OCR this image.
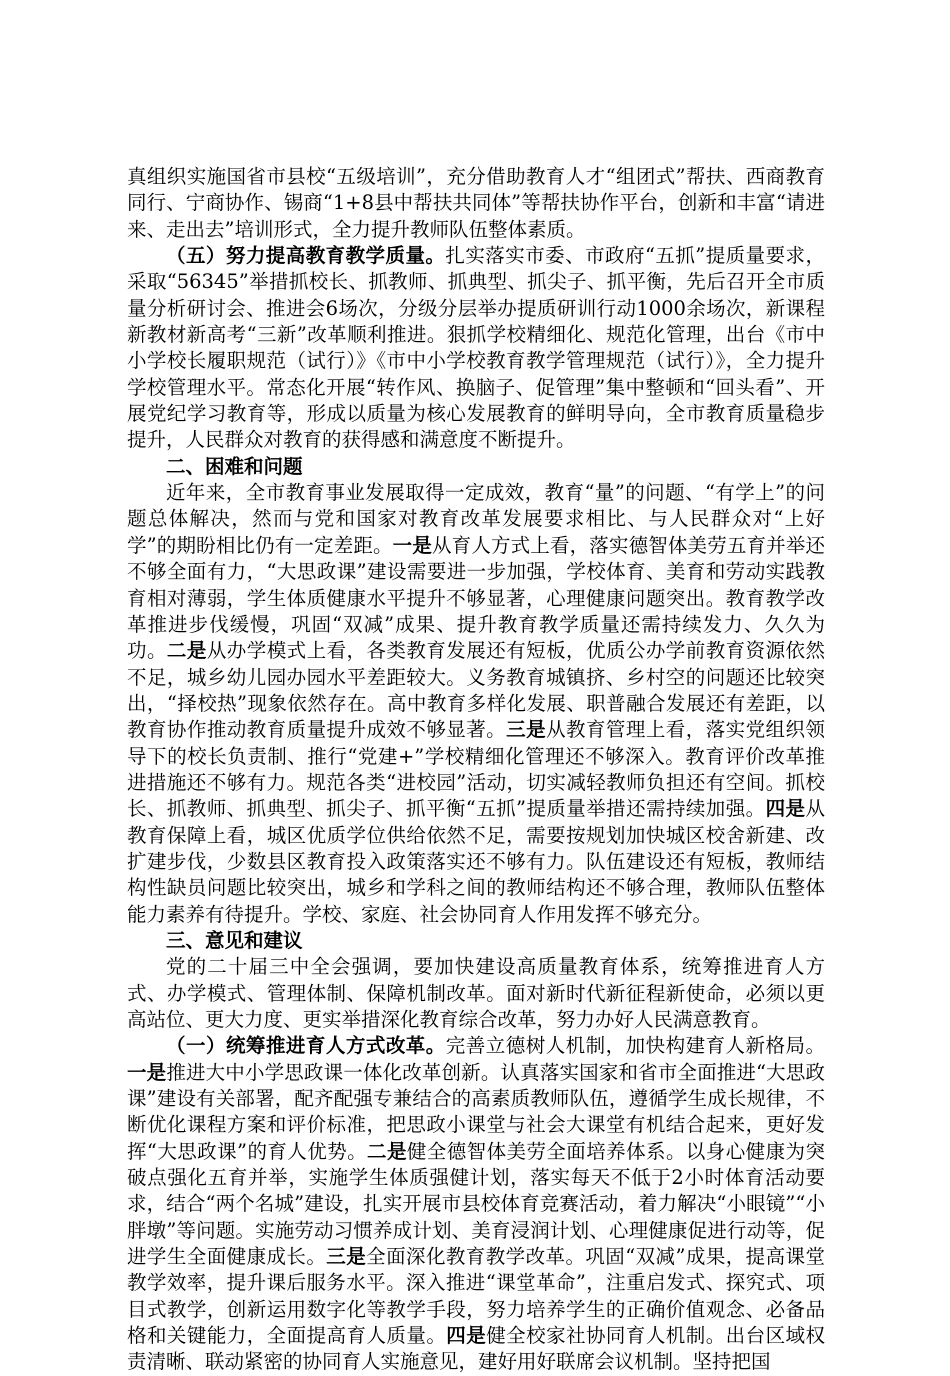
真组织实施国省市县校“五级培训”，充分借助教育人才“组团式”帮扶、西商教育同行、宁商协作、锡商“1+8县中帮扶共同体”等帮扶协作平台，创新和丰富“请进来、走出去”培训形式，全力提升教师队伍整体素质。

（五）努力提高教育教学质量。扎实落实市委、市政府“五抓”提质量要求，采取“56345”举措抓校长、抓教师、抓典型、抓尖子、抓平衡，先后召开全市质量分析研讨会、推进会6场次，分级分层举办提质研训行动1000余场次，新课程新教材新高考“三新”改革顺利推进。狠抓学校精细化、规范化管理，出台《市中小学校长履职规范（试行）》《市中小学校教育教学管理规范（试行）》，全力提升学校管理水平。常态化开展“转作风、换脑子、促管理”集中整顿和“回头看”、开展党纪学习教育等，形成以质量为核心发展教育的鲜明导向，全市教育质量稳步提升，人民群众对教育的获得感和满意度不断提升。

二、困难和问题

近年来，全市教育事业发展取得一定成效，教育“量”的问题、“有学上”的问题总体解决，然而与党和国家对教育改革发展要求相比、与人民群众对“上好学”的期盼相比仍有一定差距。一是从育人方式上看，落实德智体美劳五育并举还不够全面有力，“大思政课”建设需要进一步加强，学校体育、美育和劳动实践教育相对薄弱，学生体质健康水平提升不够显著，心理健康问题突出。教育教学改革推进步伐缓慢，巩固“双减”成果、提升教育教学质量还需持续发力、久久为功。二是从办学模式上看，各类教育发展还有短板，优质公办学前教育资源依然不足，城乡幼儿园办园水平差距较大。义务教育城镇挤、乡村空的问题还比较突出，“择校热”现象依然存在。高中教育多样化发展、职普融合发展还有差距，以教育协作推动教育质量提升成效不够显著。三是从教育管理上看，落实党组织领导下的校长负责制、推行“党建+”学校精细化管理还不够深入。教育评价改革推进措施还不够有力。规范各类“进校园”活动，切实减轻教师负担还有空间。抓校长、抓教师、抓典型、抓尖子、抓平衡“五抓”提质量举措还需持续加强。四是从教育保障上看，城区优质学位供给依然不足，需要按规划加快城区校舍新建、改扩建步伐，少数县区教育投入政策落实还不够有力。队伍建设还有短板，教师结构性缺员问题比较突出，城乡和学科之间的教师结构还不够合理，教师队伍整体能力素养有待提升。学校、家庭、社会协同育人作用发挥不够充分。

三、意见和建议

党的二十届三中全会强调，要加快建设高质量教育体系，统筹推进育人方式、办学模式、管理体制、保障机制改革。面对新时代新征程新使命，必须以更高站位、更大力度、更实举措深化教育综合改革，努力办好人民满意教育。

（一）统筹推进育人方式改革。完善立德树人机制，加快构建育人新格局。一是推进大中小学思政课一体化改革创新。认真落实国家和省市全面推进“大思政课”建设有关部署，配齐配强专兼结合的高素质教师队伍，遵循学生成长规律，不断优化课程方案和评价标准，把思政小课堂与社会大课堂有机结合起来，更好发挥“大思政课”的育人优势。二是健全德智体美劳全面培养体系。以身心健康为突破点强化五育并举，实施学生体质强健计划，落实每天不低于2小时体育活动要求，结合“两个名城”建设，扎实开展市县校体育竞赛活动，着力解决“小眼镜”“小胖墩”等问题。实施劳动习惯养成计划、美育浸润计划、心理健康促进行动等，促进学生全面健康成长。三是全面深化教育教学改革。巩固“双减”成果，提高课堂教学效率，提升课后服务水平。深入推进“课堂革命”，注重启发式、探究式、项目式教学，创新运用数字化等教学手段，努力培养学生的正确价值观念、必备品格和关键能力，全面提高育人质量。四是健全校家社协同育人机制。出台区域权责清晰、联动紧密的协同育人实施意见，建好用好联席会议机制。坚持把国
